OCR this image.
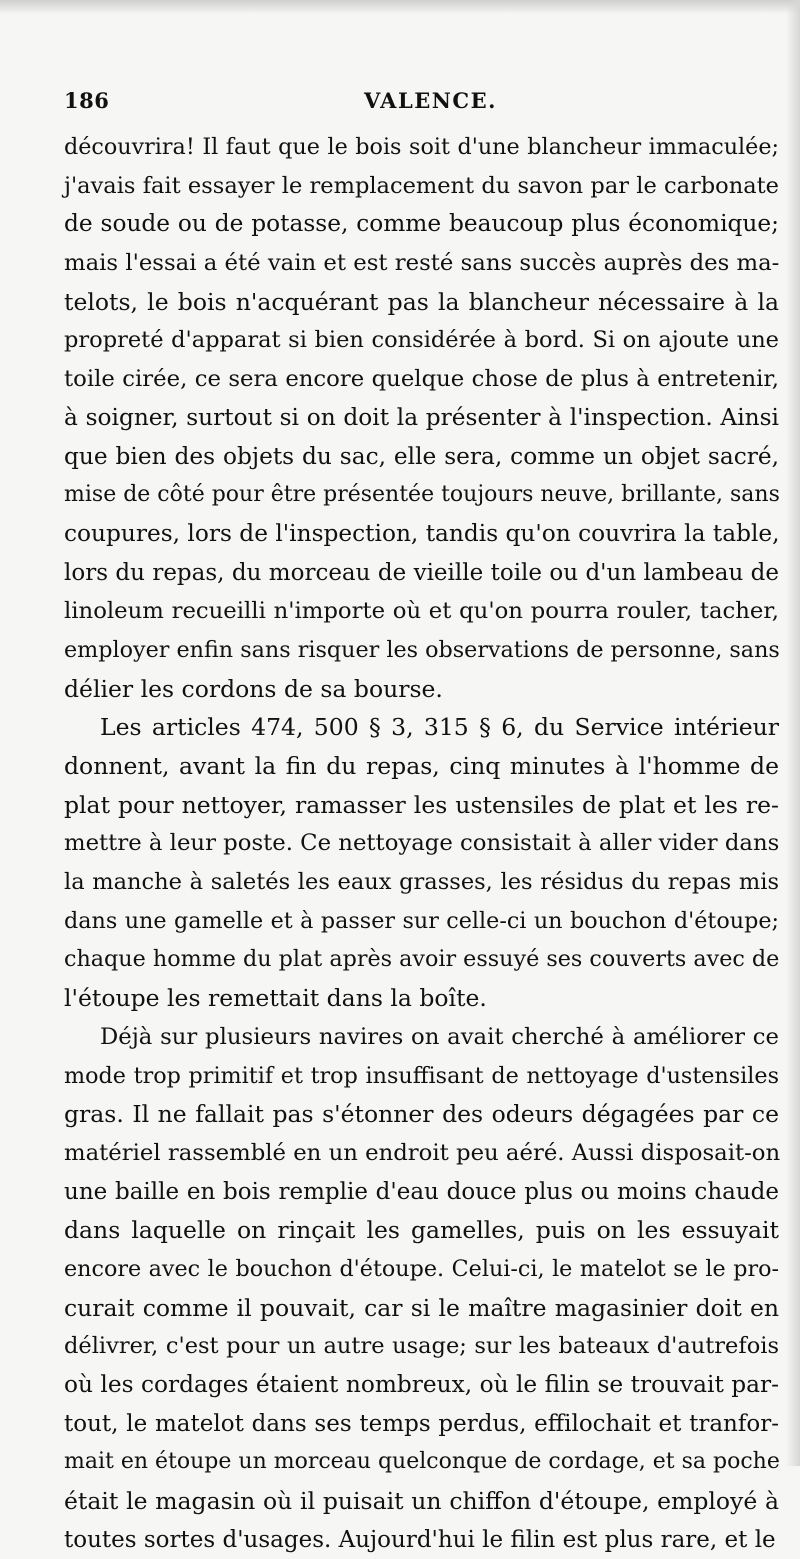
186	VALENCE.
découvrira! Il faut que le bois soit d'une blancheur immaculée;
j'avais fait essayer le remplacement du savon par le carbonate
de soude ou de potasse, comme beaucoup plus économique;
mais l'essai a été vain et est resté sans succès auprès des ma-
telots, le bois n'acquérant pas la blancheur nécessaire à la
propreté d'apparat si bien considérée à bord. Si on ajoute une
toile cirée, ce sera encore quelque chose de plus à entretenir,
à soigner, surtout si on doit la présenter à l'inspection. Ainsi
que bien des objets du sac, elle sera, comme un objet sacré,
mise de côté pour être présentée toujours neuve, brillante, sans
coupures, lors de l'inspection, tandis qu'on couvrira la table,
lors du repas, du morceau de vieille toile ou d'un lambeau de
linoleum recueilli n'importe où et qu'on pourra rouler, tacher,
employer enfin sans risquer les observations de personne, sans
délier les cordons de sa bourse.
Les articles 474, 500 § 3, 315 § 6, du Service intérieur
donnent, avant la fin du repas, cinq minutes à l'homme de
plat pour nettoyer, ramasser les ustensiles de plat et les re-
mettre à leur poste. Ce nettoyage consistait à aller vider dans
la manche à saletés les eaux grasses, les résidus du repas mis
dans une gamelle et à passer sur celle-ci un bouchon d'étoupe;
chaque homme du plat après avoir essuyé ses couverts avec de
l'étoupe les remettait dans la boîte.
Déjà sur plusieurs navires on avait cherché à améliorer ce
mode trop primitif et trop insuffisant de nettoyage d'ustensiles
gras. Il ne fallait pas s'étonner des odeurs dégagées par ce
matériel rassemblé en un endroit peu aéré. Aussi disposait-on
une baille en bois remplie d'eau douce plus ou moins chaude
dans laquelle on rinçait les gamelles, puis on les essuyait
encore avec le bouchon d'étoupe. Celui-ci, le matelot se le pro-
curait comme il pouvait, car si le maître magasinier doit en
délivrer, c'est pour un autre usage; sur les bateaux d'autrefois
où les cordages étaient nombreux, où le filin se trouvait par-
tout, le matelot dans ses temps perdus, effilochait et tranfor-
mait en étoupe un morceau quelconque de cordage, et sa poche
était le magasin où il puisait un chiffon d'étoupe, employé à
toutes sortes d'usages. Aujourd'hui le filin est plus rare, et le
